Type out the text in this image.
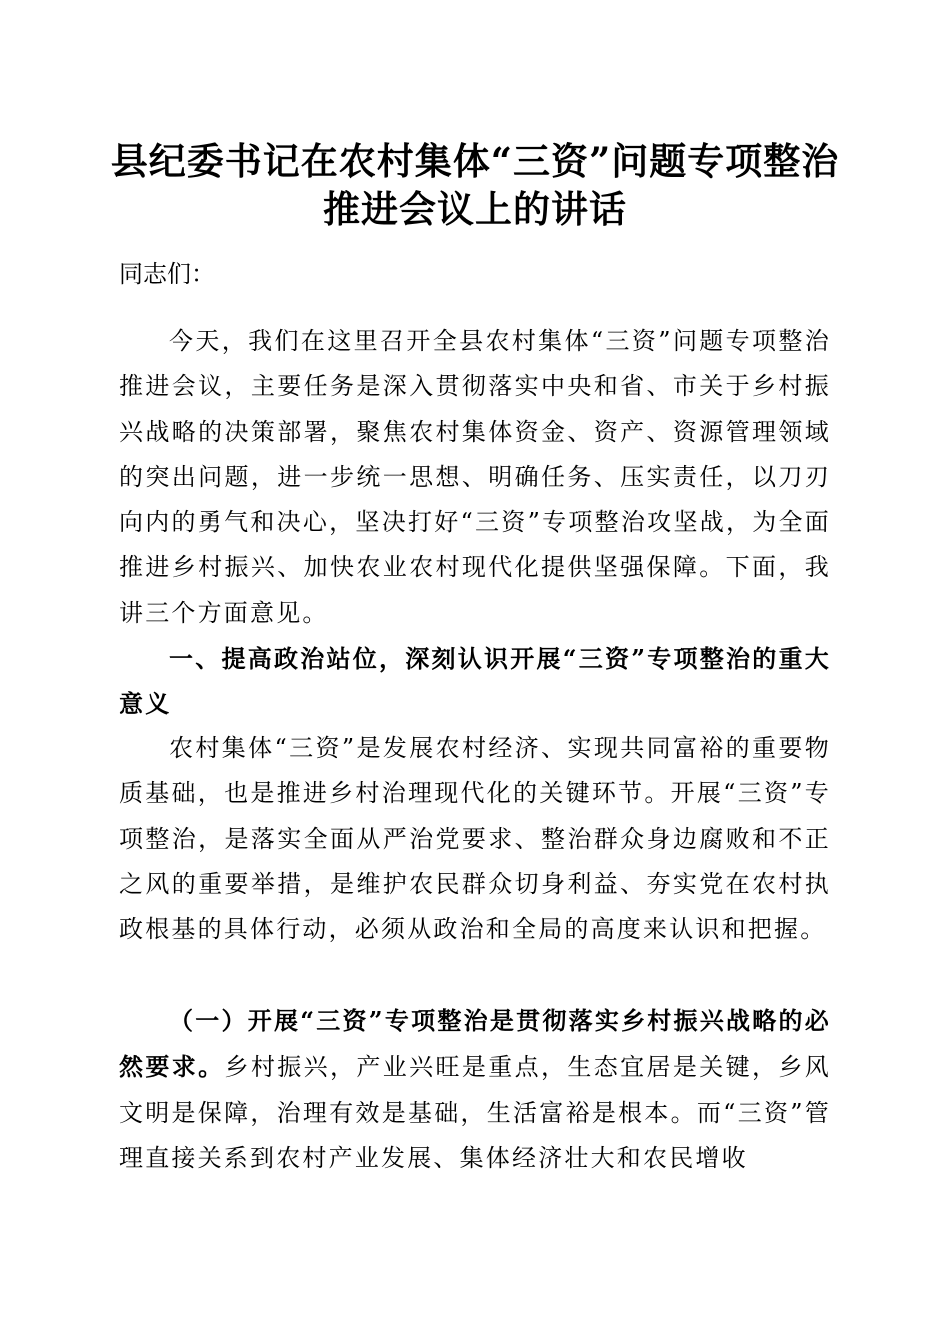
县纪委书记在农村集体“三资”问题专项整治
推进会议上的讲话
同志们：
今天，我们在这里召开全县农村集体“三资”问题专项整治推进会议，主要任务是深入贯彻落实中央和省、市关于乡村振兴战略的决策部署，聚焦农村集体资金、资产、资源管理领域的突出问题，进一步统一思想、明确任务、压实责任，以刀刃向内的勇气和决心，坚决打好“三资”专项整治攻坚战，为全面推进乡村振兴、加快农业农村现代化提供坚强保障。下面，我讲三个方面意见。
一、提高政治站位，深刻认识开展“三资”专项整治的重大意义
农村集体“三资”是发展农村经济、实现共同富裕的重要物质基础，也是推进乡村治理现代化的关键环节。开展“三资”专项整治，是落实全面从严治党要求、整治群众身边腐败和不正之风的重要举措，是维护农民群众切身利益、夯实党在农村执政根基的具体行动，必须从政治和全局的高度来认识和把握。
（一）开展“三资”专项整治是贯彻落实乡村振兴战略的必然要求。乡村振兴，产业兴旺是重点，生态宜居是关键，乡风文明是保障，治理有效是基础，生活富裕是根本。而“三资”管理直接关系到农村产业发展、集体经济壮大和农民增收
